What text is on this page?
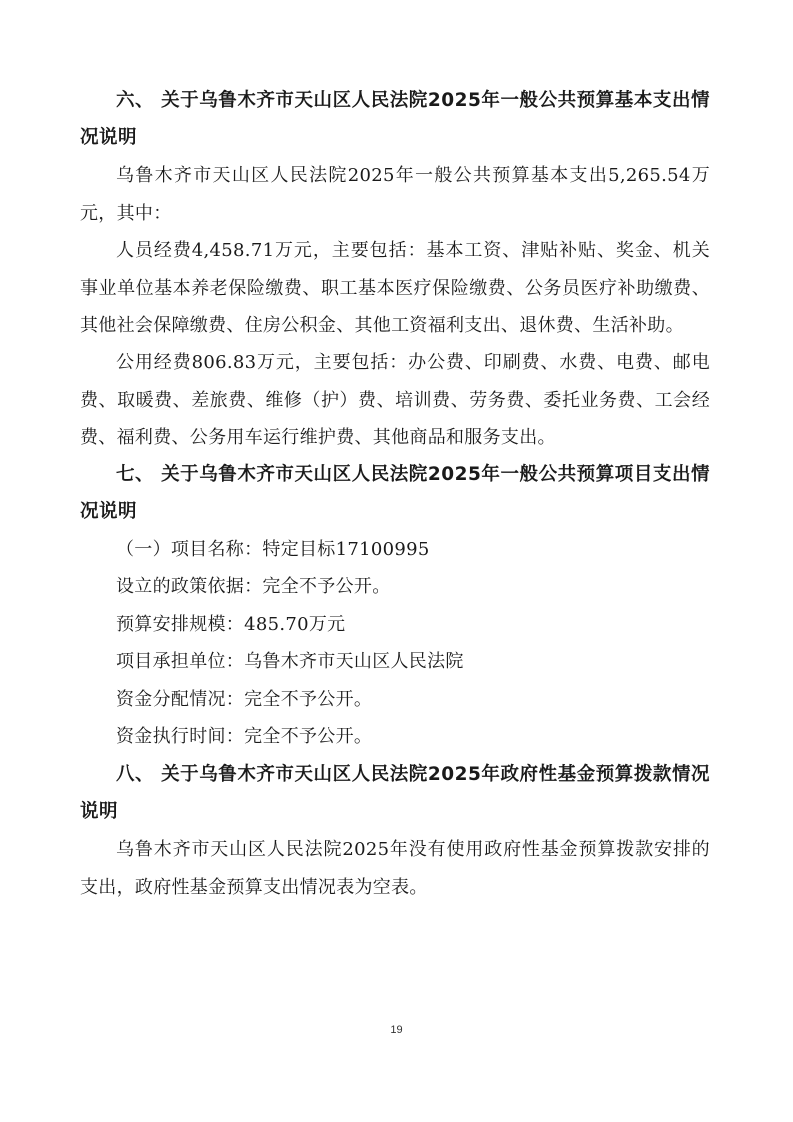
六、 关于乌鲁木齐市天山区人民法院2025年一般公共预算基本支出情况说明

乌鲁木齐市天山区人民法院2025年一般公共预算基本支出5,265.54万元，其中：

人员经费4,458.71万元，主要包括：基本工资、津贴补贴、奖金、机关事业单位基本养老保险缴费、职工基本医疗保险缴费、公务员医疗补助缴费、其他社会保障缴费、住房公积金、其他工资福利支出、退休费、生活补助。

公用经费806.83万元，主要包括：办公费、印刷费、水费、电费、邮电费、取暖费、差旅费、维修（护）费、培训费、劳务费、委托业务费、工会经费、福利费、公务用车运行维护费、其他商品和服务支出。

七、 关于乌鲁木齐市天山区人民法院2025年一般公共预算项目支出情况说明

（一）项目名称：特定目标17100995

设立的政策依据：完全不予公开。

预算安排规模：485.70万元

项目承担单位：乌鲁木齐市天山区人民法院

资金分配情况：完全不予公开。

资金执行时间：完全不予公开。

八、 关于乌鲁木齐市天山区人民法院2025年政府性基金预算拨款情况说明

乌鲁木齐市天山区人民法院2025年没有使用政府性基金预算拨款安排的支出，政府性基金预算支出情况表为空表。

19
